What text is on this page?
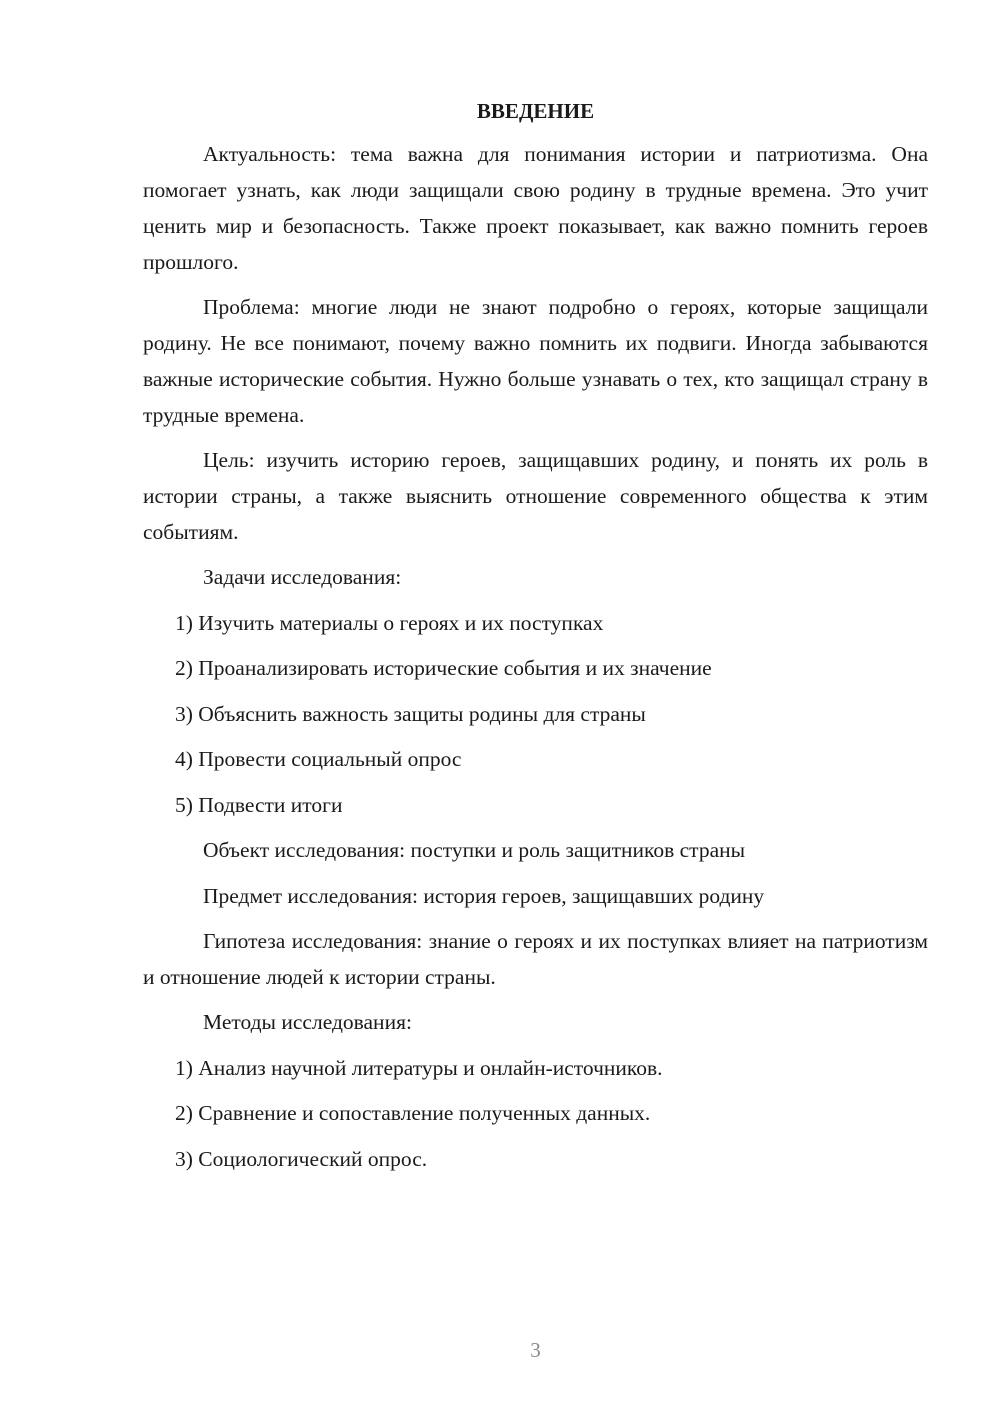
ВВЕДЕНИЕ

Актуальность: тема важна для понимания истории и патриотизма. Она помогает узнать, как люди защищали свою родину в трудные времена. Это учит ценить мир и безопасность. Также проект показывает, как важно помнить героев прошлого.

Проблема: многие люди не знают подробно о героях, которые защищали родину. Не все понимают, почему важно помнить их подвиги. Иногда забываются важные исторические события. Нужно больше узнавать о тех, кто защищал страну в трудные времена.

Цель: изучить историю героев, защищавших родину, и понять их роль в истории страны, а также выяснить отношение современного общества к этим событиям.

Задачи исследования:

1) Изучить материалы о героях и их поступках

2) Проанализировать исторические события и их значение

3) Объяснить важность защиты родины для страны

4) Провести социальный опрос

5) Подвести итоги

Объект исследования: поступки и роль защитников страны

Предмет исследования: история героев, защищавших родину

Гипотеза исследования: знание о героях и их поступках влияет на патриотизм и отношение людей к истории страны.

Методы исследования:

1) Анализ научной литературы и онлайн-источников.

2) Сравнение и сопоставление полученных данных.

3) Социологический опрос.

3
